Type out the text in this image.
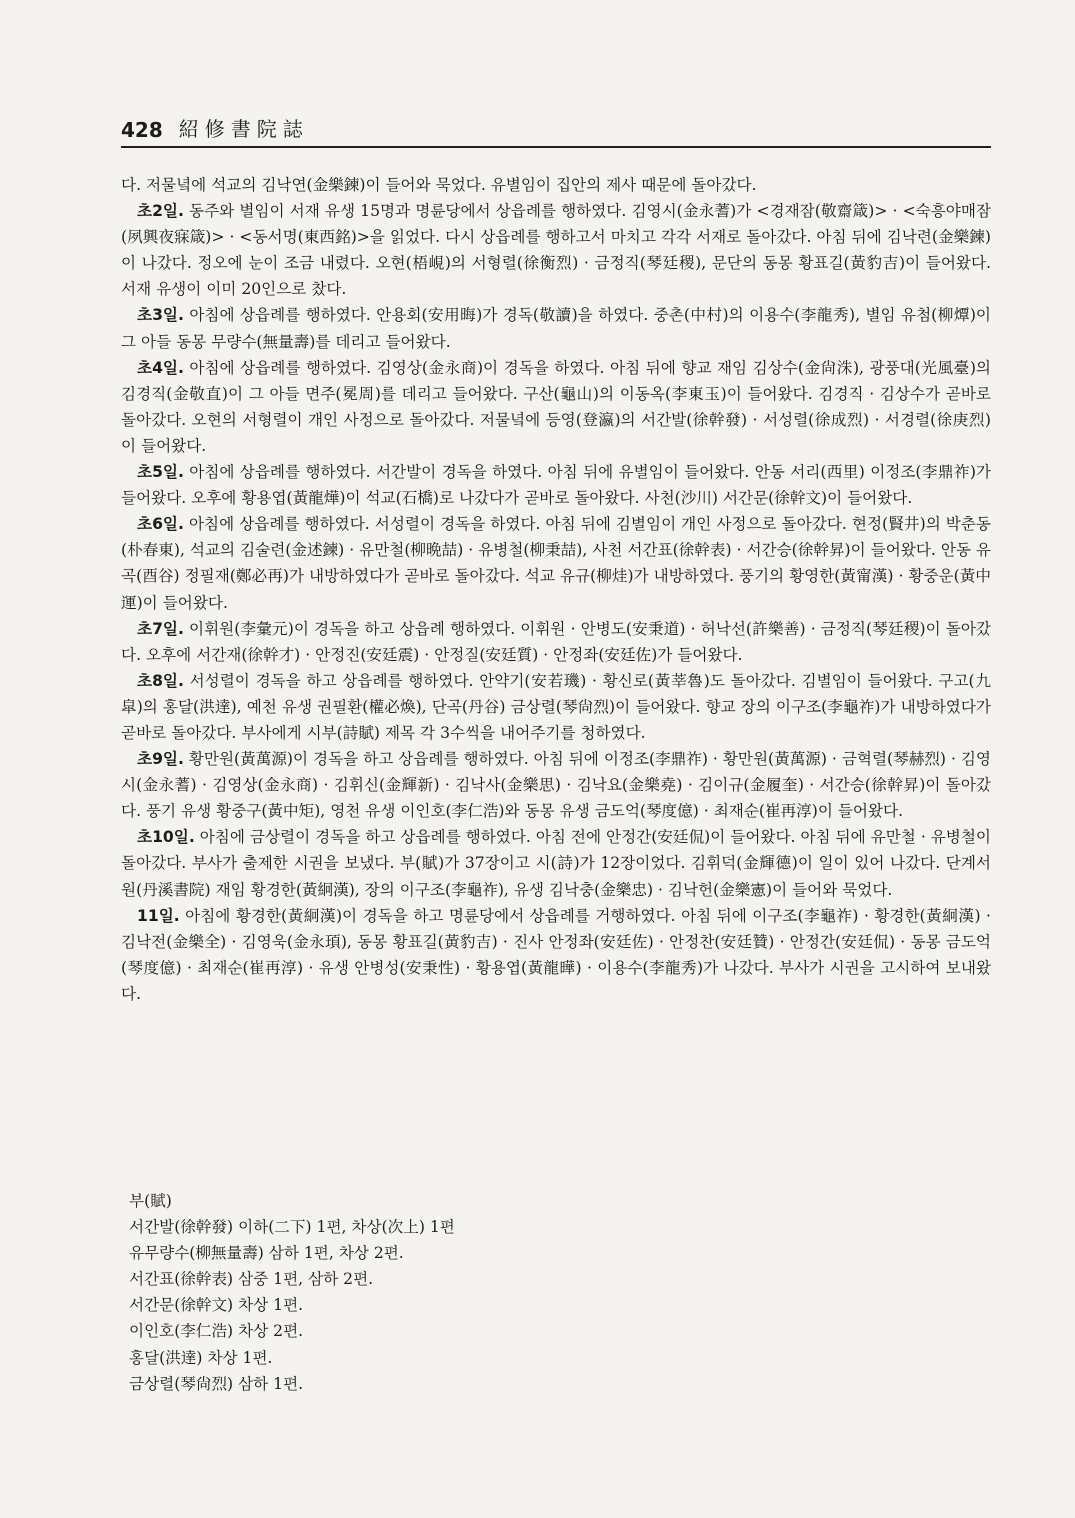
428 紹修書院誌

다. 저물녘에 석교의 김낙연(金樂鍊)이 들어와 묵었다. 유별임이 집안의 제사 때문에 돌아갔다.

초2일. 동주와 별임이 서재 유생 15명과 명륜당에서 상읍례를 행하였다. 김영시(金永蓍)가 <경재잠(敬齋箴)> · <숙흥야매잠(夙興夜寐箴)> · <동서명(東西銘)>을 읽었다. 다시 상읍례를 행하고서 마치고 각각 서재로 돌아갔다. 아침 뒤에 김낙련(金樂鍊)이 나갔다. 정오에 눈이 조금 내렸다. 오현(梧峴)의 서형렬(徐衡烈) · 금정직(琴廷稷), 문단의 동몽 황표길(黃豹吉)이 들어왔다. 서재 유생이 이미 20인으로 찼다.

초3일. 아침에 상읍례를 행하였다. 안용회(安用晦)가 경독(敬讀)을 하였다. 중촌(中村)의 이용수(李龍秀), 별임 유첨(柳燂)이 그 아들 동몽 무량수(無量壽)를 데리고 들어왔다.

초4일. 아침에 상읍례를 행하였다. 김영상(金永商)이 경독을 하였다. 아침 뒤에 향교 재임 김상수(金尙洙), 광풍대(光風臺)의 김경직(金敬直)이 그 아들 면주(冕周)를 데리고 들어왔다. 구산(龜山)의 이동옥(李東玉)이 들어왔다. 김경직 · 김상수가 곧바로 돌아갔다. 오현의 서형렬이 개인 사정으로 돌아갔다. 저물녘에 등영(登瀛)의 서간발(徐幹發) · 서성렬(徐成烈) · 서경렬(徐庚烈)이 들어왔다.

초5일. 아침에 상읍례를 행하였다. 서간발이 경독을 하였다. 아침 뒤에 유별임이 들어왔다. 안동 서리(西里) 이정조(李鼎祚)가 들어왔다. 오후에 황용엽(黃龍燁)이 석교(石橋)로 나갔다가 곧바로 돌아왔다. 사천(沙川) 서간문(徐幹文)이 들어왔다.

초6일. 아침에 상읍례를 행하였다. 서성렬이 경독을 하였다. 아침 뒤에 김별임이 개인 사정으로 돌아갔다. 현정(賢井)의 박춘동(朴春東), 석교의 김술련(金述鍊) · 유만철(柳晩喆) · 유병철(柳秉喆), 사천 서간표(徐幹表) · 서간승(徐幹昇)이 들어왔다. 안동 유곡(酉谷) 정필재(鄭必再)가 내방하였다가 곧바로 돌아갔다. 석교 유규(柳烓)가 내방하였다. 풍기의 황영한(黃甯漢) · 황중운(黃中運)이 들어왔다.

초7일. 이휘원(李彙元)이 경독을 하고 상읍례 행하였다. 이휘원 · 안병도(安秉道) · 허낙선(許樂善) · 금정직(琴廷稷)이 돌아갔다. 오후에 서간재(徐幹才) · 안정진(安廷震) · 안정질(安廷質) · 안정좌(安廷佐)가 들어왔다.

초8일. 서성렬이 경독을 하고 상읍례를 행하였다. 안약기(安若璣) · 황신로(黃莘魯)도 돌아갔다. 김별임이 들어왔다. 구고(九皐)의 홍달(洪達), 예천 유생 권필환(權必煥), 단곡(丹谷) 금상렬(琴尙烈)이 들어왔다. 향교 장의 이구조(李龜祚)가 내방하였다가 곧바로 돌아갔다. 부사에게 시부(詩賦) 제목 각 3수씩을 내어주기를 청하였다.

초9일. 황만원(黃萬源)이 경독을 하고 상읍례를 행하였다. 아침 뒤에 이정조(李鼎祚) · 황만원(黃萬源) · 금혁렬(琴赫烈) · 김영시(金永蓍) · 김영상(金永商) · 김휘신(金輝新) · 김낙사(金樂思) · 김낙요(金樂堯) · 김이규(金履奎) · 서간승(徐幹昇)이 돌아갔다. 풍기 유생 황중구(黃中矩), 영천 유생 이인호(李仁浩)와 동몽 유생 금도억(琴度億) · 최재순(崔再淳)이 들어왔다.

초10일. 아침에 금상렬이 경독을 하고 상읍례를 행하였다. 아침 전에 안정간(安廷侃)이 들어왔다. 아침 뒤에 유만철 · 유병철이 돌아갔다. 부사가 출제한 시권을 보냈다. 부(賦)가 37장이고 시(詩)가 12장이었다. 김휘덕(金輝德)이 일이 있어 나갔다. 단계서원(丹溪書院) 재임 황경한(黃絅漢), 장의 이구조(李龜祚), 유생 김낙충(金樂忠) · 김낙헌(金樂憲)이 들어와 묵었다.

11일. 아침에 황경한(黃絅漢)이 경독을 하고 명륜당에서 상읍례를 거행하였다. 아침 뒤에 이구조(李龜祚) · 황경한(黃絅漢) · 김낙전(金樂全) · 김영욱(金永頊), 동몽 황표길(黃豹吉) · 진사 안정좌(安廷佐) · 안정찬(安廷贊) · 안정간(安廷侃) · 동몽 금도억(琴度億) · 최재순(崔再淳) · 유생 안병성(安秉性) · 황용엽(黃龍曄) · 이용수(李龍秀)가 나갔다. 부사가 시권을 고시하여 보내왔다.

부(賦)

서간발(徐幹發) 이하(二下) 1편, 차상(次上) 1편
유무량수(柳無量壽) 삼하 1편, 차상 2편.
서간표(徐幹表) 삼중 1편, 삼하 2편.
서간문(徐幹文) 차상 1편.
이인호(李仁浩) 차상 2편.
홍달(洪達) 차상 1편.
금상렬(琴尙烈) 삼하 1편.
